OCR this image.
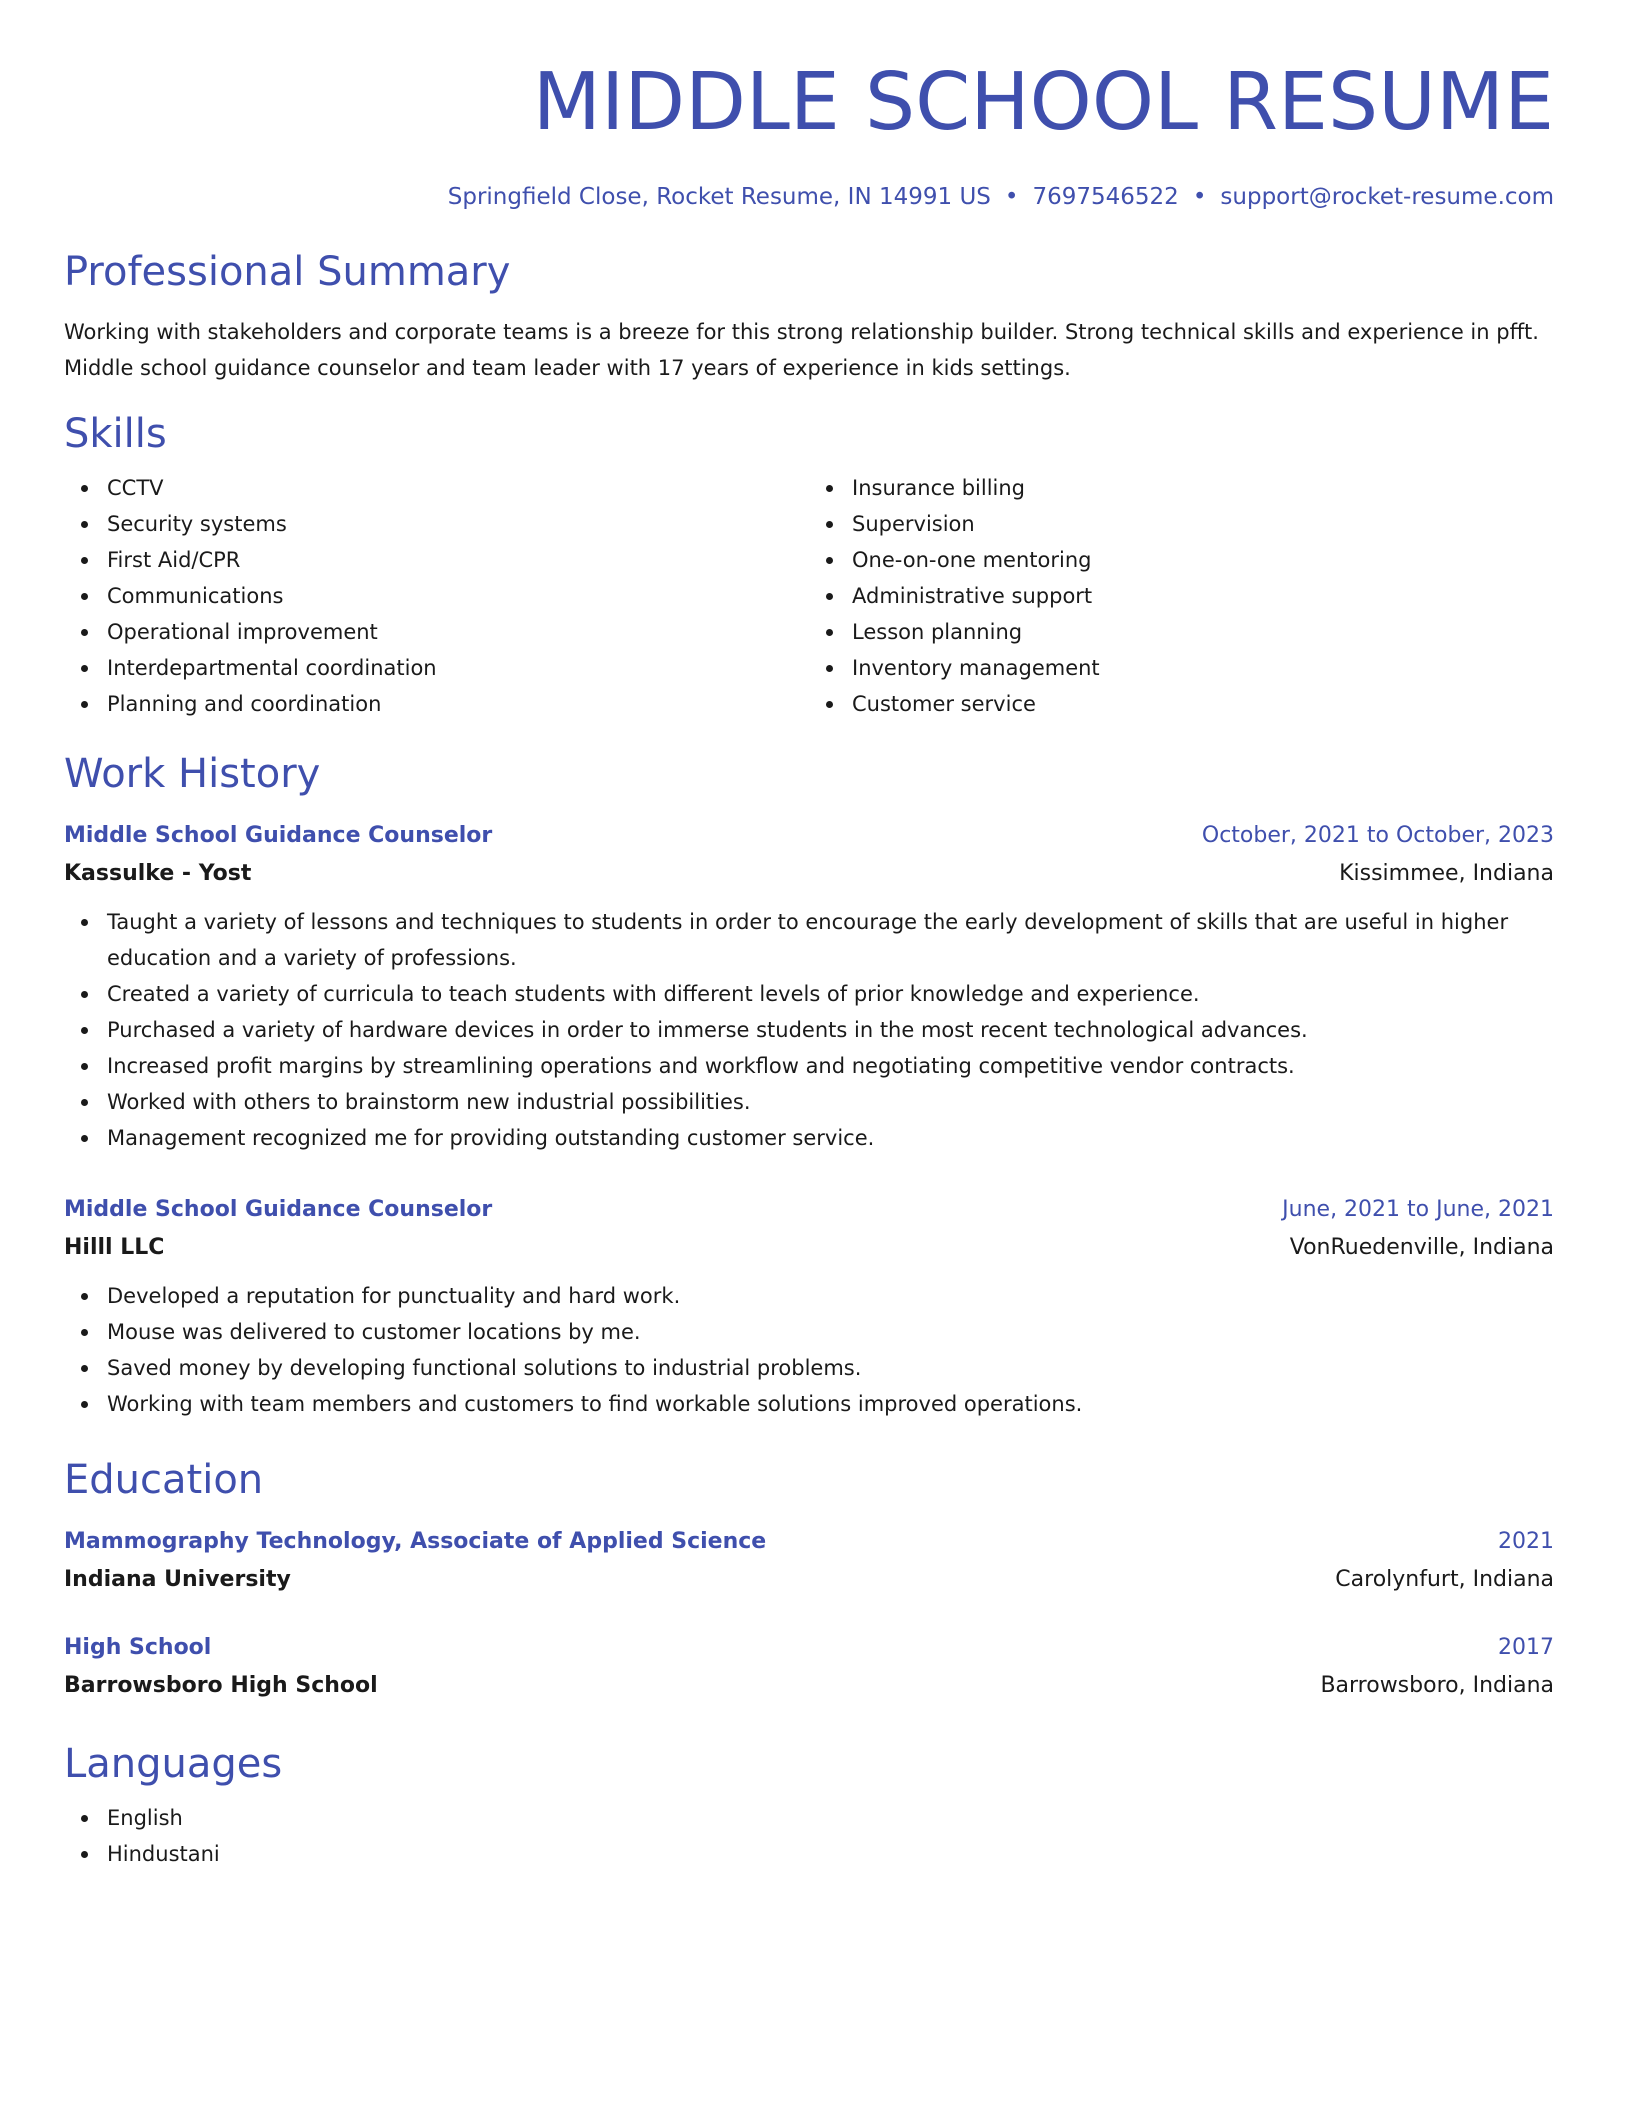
MIDDLE SCHOOL RESUME
Springfield Close, Rocket Resume, IN 14991 US • 7697546522 • support@rocket-resume.com
Professional Summary
Working with stakeholders and corporate teams is a breeze for this strong relationship builder. Strong technical skills and experience in pfft. Middle school guidance counselor and team leader with 17 years of experience in kids settings.
Skills
CCTV
Security systems
First Aid/CPR
Communications
Operational improvement
Interdepartmental coordination
Planning and coordination
Insurance billing
Supervision
One-on-one mentoring
Administrative support
Lesson planning
Inventory management
Customer service
Work History
Middle School Guidance Counselor	October, 2021 to October, 2023
Kassulke - Yost	Kissimmee, Indiana
Taught a variety of lessons and techniques to students in order to encourage the early development of skills that are useful in higher education and a variety of professions.
Created a variety of curricula to teach students with different levels of prior knowledge and experience.
Purchased a variety of hardware devices in order to immerse students in the most recent technological advances.
Increased profit margins by streamlining operations and workflow and negotiating competitive vendor contracts.
Worked with others to brainstorm new industrial possibilities.
Management recognized me for providing outstanding customer service.
Middle School Guidance Counselor	June, 2021 to June, 2021
Hilll LLC	VonRuedenville, Indiana
Developed a reputation for punctuality and hard work.
Mouse was delivered to customer locations by me.
Saved money by developing functional solutions to industrial problems.
Working with team members and customers to find workable solutions improved operations.
Education
Mammography Technology, Associate of Applied Science	2021
Indiana University	Carolynfurt, Indiana
High School	2017
Barrowsboro High School	Barrowsboro, Indiana
Languages
English
Hindustani
